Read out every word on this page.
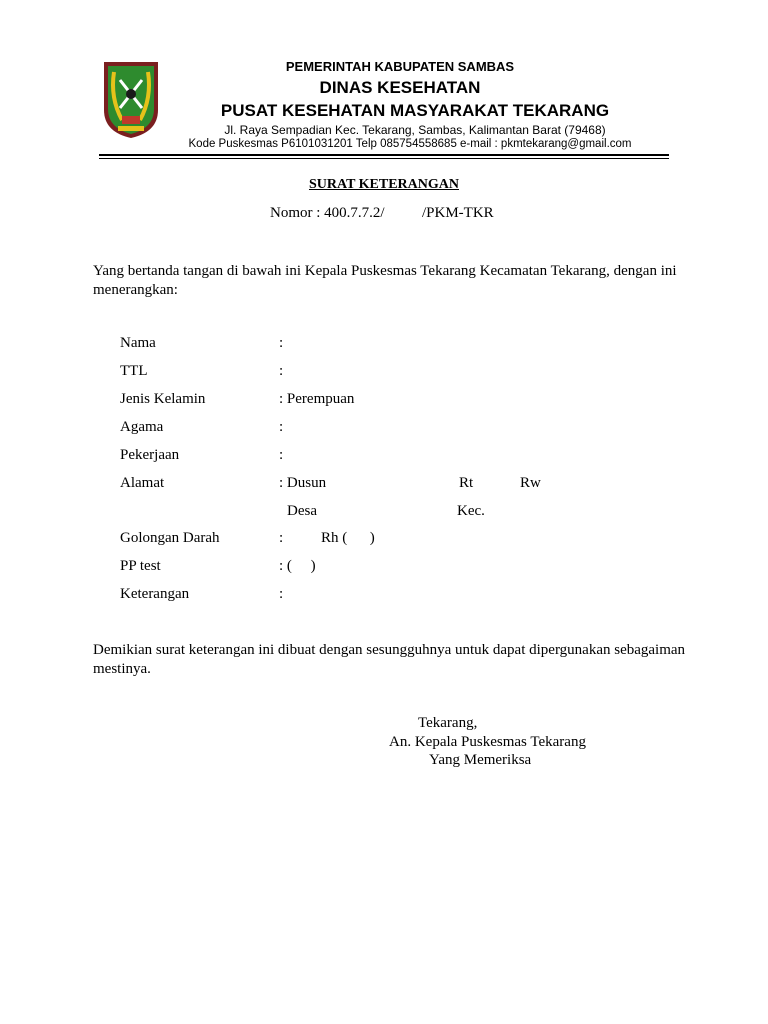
PEMERINTAH KABUPATEN SAMBAS
DINAS KESEHATAN
PUSAT KESEHATAN MASYARAKAT TEKARANG
Jl. Raya Sempadian Kec. Tekarang, Sambas, Kalimantan Barat (79468)
Kode Puskesmas P6101031201 Telp 085754558685 e-mail : pkmtekarang@gmail.com
SURAT KETERANGAN
Nomor : 400.7.7.2/ /PKM-TKR
Yang bertanda tangan di bawah ini Kepala Puskesmas Tekarang Kecamatan Tekarang, dengan ini menerangkan:
Nama	:
TTL	:
Jenis Kelamin	: Perempuan
Agama	:
Pekerjaan	:
Alamat	: Dusun	Rt	Rw
Desa	Kec.
Golongan Darah	:	Rh (      )
PP test	: (     )
Keterangan	:
Demikian surat keterangan ini dibuat dengan sesungguhnya untuk dapat dipergunakan sebagaiman mestinya.
Tekarang,
An. Kepala Puskesmas Tekarang
Yang Memeriksa
